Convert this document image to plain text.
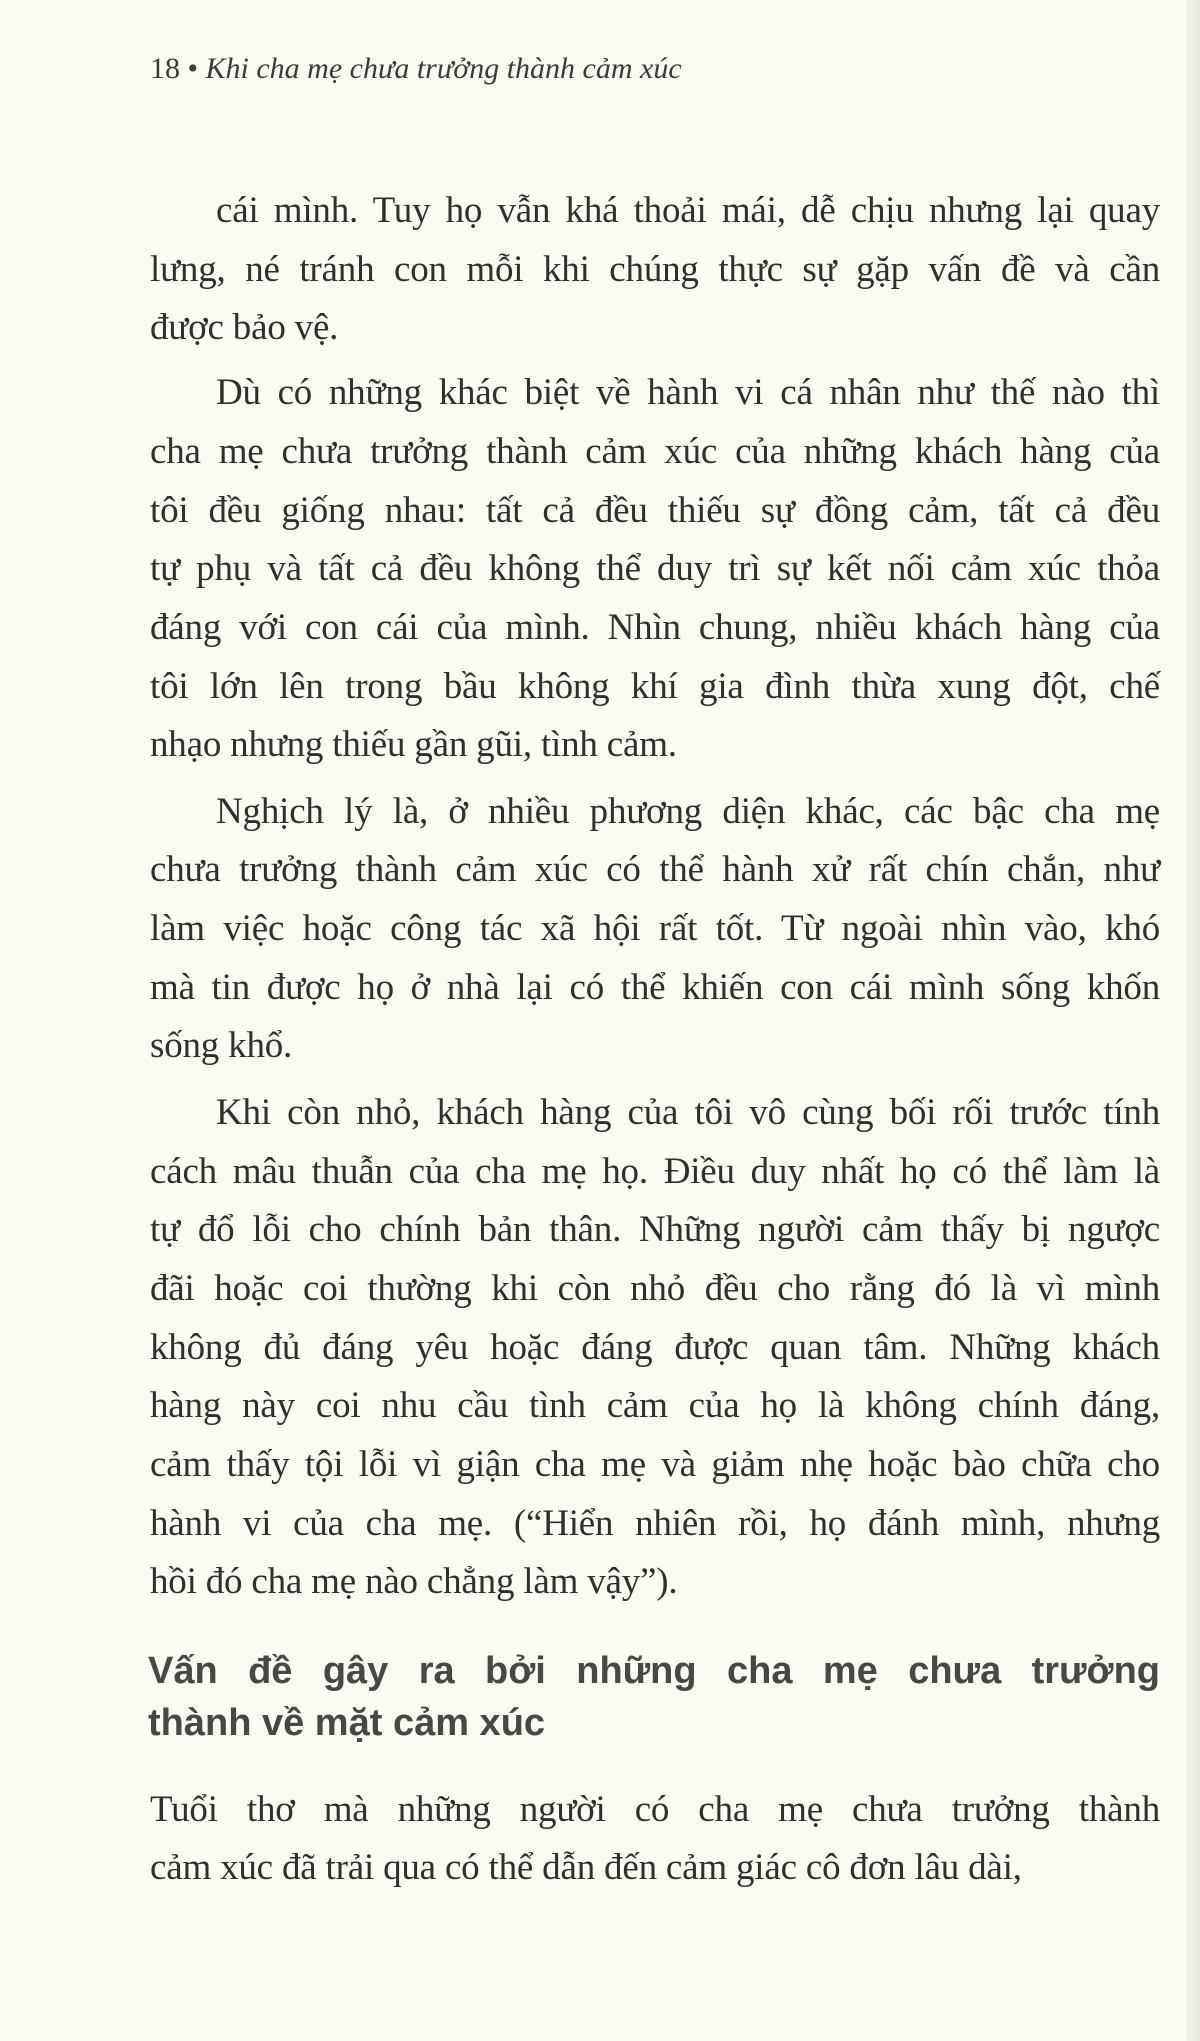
18 • Khi cha mẹ chưa trưởng thành cảm xúc
cái mình. Tuy họ vẫn khá thoải mái, dễ chịu nhưng lại quay
lưng, né tránh con mỗi khi chúng thực sự gặp vấn đề và cần
được bảo vệ.
Dù có những khác biệt về hành vi cá nhân như thế nào thì
cha mẹ chưa trưởng thành cảm xúc của những khách hàng của
tôi đều giống nhau: tất cả đều thiếu sự đồng cảm, tất cả đều
tự phụ và tất cả đều không thể duy trì sự kết nối cảm xúc thỏa
đáng với con cái của mình. Nhìn chung, nhiều khách hàng của
tôi lớn lên trong bầu không khí gia đình thừa xung đột, chế
nhạo nhưng thiếu gần gũi, tình cảm.
Nghịch lý là, ở nhiều phương diện khác, các bậc cha mẹ
chưa trưởng thành cảm xúc có thể hành xử rất chín chắn, như
làm việc hoặc công tác xã hội rất tốt. Từ ngoài nhìn vào, khó
mà tin được họ ở nhà lại có thể khiến con cái mình sống khốn
sống khổ.
Khi còn nhỏ, khách hàng của tôi vô cùng bối rối trước tính
cách mâu thuẫn của cha mẹ họ. Điều duy nhất họ có thể làm là
tự đổ lỗi cho chính bản thân. Những người cảm thấy bị ngược
đãi hoặc coi thường khi còn nhỏ đều cho rằng đó là vì mình
không đủ đáng yêu hoặc đáng được quan tâm. Những khách
hàng này coi nhu cầu tình cảm của họ là không chính đáng,
cảm thấy tội lỗi vì giận cha mẹ và giảm nhẹ hoặc bào chữa cho
hành vi của cha mẹ. (“Hiển nhiên rồi, họ đánh mình, nhưng
hồi đó cha mẹ nào chẳng làm vậy”).
Vấn đề gây ra bởi những cha mẹ chưa trưởng
thành về mặt cảm xúc
Tuổi thơ mà những người có cha mẹ chưa trưởng thành
cảm xúc đã trải qua có thể dẫn đến cảm giác cô đơn lâu dài,
